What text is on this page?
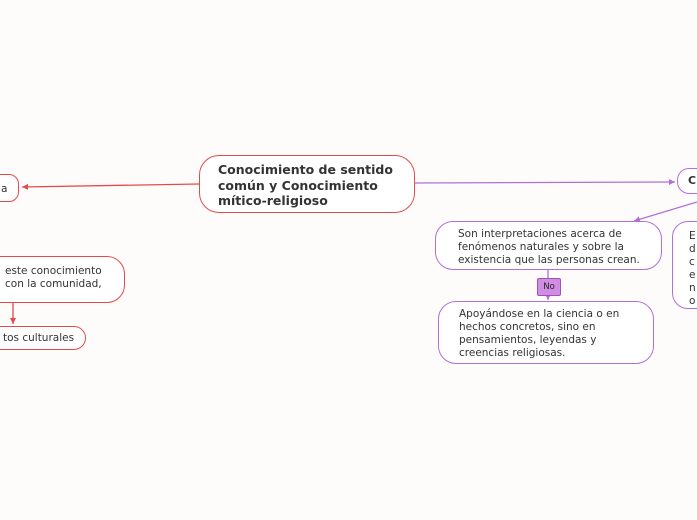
Conocimiento de sentido
común y Conocimiento
mítico-religioso
a
este conocimiento
con la comunidad,
tos culturales
C
E
d
c
e
n
o
Son interpretaciones acerca de
fenómenos naturales y sobre la
existencia que las personas crean.
No
Apoyándose en la ciencia o en
hechos concretos, sino en
pensamientos, leyendas y
creencias religiosas.
